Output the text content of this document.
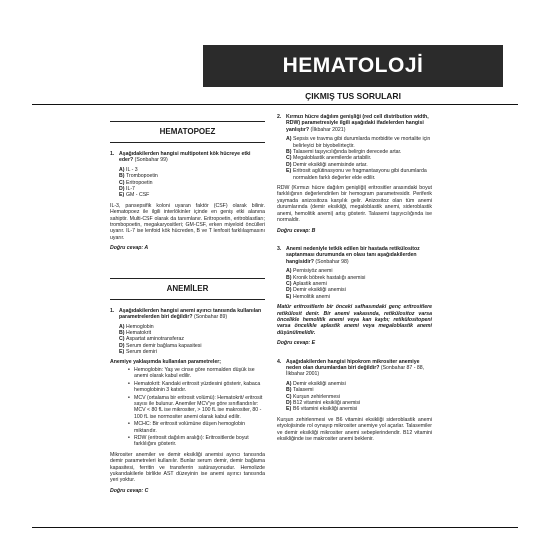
HEMATOLOJİ
ÇIKMIŞ TUS SORULARI
HEMATOPOEZ
1. Aşağıdakilerden hangisi multipotent kök hücreye etki eder? (Sonbahar 99)
A) IL - 3
B) Trombopoetin
C) Eritropoetin
D) IL-7
E) GM - CSF

IL-3, pansepsifik koloni uyaran faktör (CSF) olarak bilinir. Hematopoez ile ilgili interlökinler içinde en geniş etki alanına sahiptir. Multi-CSF olarak da tanımlanır. Eritropoetin, eritroblastları; trombopoetin, megakaryositleri; GM-CSF, erken miyeloid öncülleri uyarır. IL-7 ise lenfoid kök hücreden, B ve T lenfosit farklılaşmasını uyarır.

Doğru cevap: A
ANEMİLER
1. Aşağıdakilerden hangisi anemi ayırıcı tanısında kullanılan parametrelerden biri değildir? (Sonbahar 89)
A) Hemoglobin
B) Hematokrit
C) Aspartat aminotransferaz
D) Serum demir bağlama kapasitesi
E) Serum demiri
Anemiye yaklaşımda kullanılan parametreler;
• Hemoglobin: Yaş ve cinse göre normalden düşük ise anemi olarak kabul edilir.
• Hematokrit: Kandaki eritrosit yüzdesini gösterir, kabaca hemoglobinin 3 katıdır.
• MCV (ortalama bir eritrosit volümü): Hematokrit/ eritrosit sayısı ile bulunur. Anemiler MCV'ye göre sınıflandırılır: MCV < 80 fL ise mikrositer, > 100 fL ise makrositer, 80 - 100 fL ise normositer anemi olarak kabul edilir.
• MCHC: Bir eritrosit volümüne düşen hemoglobin miktarıdır.
• RDW (eritrosit dağılım aralığı): Eritrositlerde boyut farklılığını gösterir.

Mikrositer anemiler ve demir eksikliği anemisi ayırıcı tanısında demir parametreleri kullanılır. Bunlar serum demir, demir bağlama kapasitesi, ferritin ve transferrin satürasyonudur. Hemolizde yukarıdakilerle birlikte AST düzeyinin ise anemi ayırıcı tanısında yeri yoktur.

Doğru cevap: C
2. Kırmızı hücre dağılım genişliği (red cell distribution width, RDW) parametresiyle ilgili aşağıdaki ifadelerden hangisi yanlıştır? (İlkbahar 2021)
A) Sepsis ve travma gibi durumlarda morbidite ve mortalite için belirleyici bir biyobelirteçtir.
B) Talasemi taşıyıcılığında belirgin derecede artar.
C) Megaloblastik anemilerde artabilir.
D) Demir eksikliği anemisinde artar.
E) Eritrosit aglütinasyonu ve fragmantasyonu gibi durumlarda normalden farklı değerler elde edilir.

RDW (Kırmızı hücre dağılım genişliği) eritrositler arasındaki boyut farklılığının değerlendirilen bir hemogram parametresidir. Periferik yaymada anizositoza karşılık gelir. Anizositoz olan tüm anemi durumlarında (demir eksikliği, megaloblastik anemi, sideroblastik anemi, hemolitik anemi) artış gösterir. Talasemi taşıyıcılığında ise normaldir.

Doğru cevap: B
3. Anemi nedeniyle tetkik edilen bir hastada retikülositoz saptanması durumunda en olası tanı aşağıdakilerden hangisidir? (Sonbahar 98)
A) Pernisiyöz anemi
B) Kronik böbrek hastalığı anemisi
C) Aplastik anemi
D) Demir eksikliği anemisi
E) Hemolitik anemi

Matür eritrositlerin bir önceki safhasındaki genç eritrositlere retikülosit denir. Bir anemi vakasında, retikülositoz varsa öncelikle hemolitik anemi veya kan kaybı; retikülositopeni varsa öncelikle aplastik anemi veya megaloblastik anemi düşünülmelidir.

Doğru cevap: E
4. Aşağıdakilerden hangisi hipokrom mikrositer anemiye neden olan durumlardan biri değildir? (Sonbahar 87 - 88, İlkbahar 2001)
A) Demir eksikliği anemisi
B) Talasemi
C) Kurşun zehirlenmesi
D) B12 vitamini eksikliği anemisi
E) B6 vitamini eksikliği anemisi

Kurşun zehirlenmesi ve B6 vitamini eksikliği sideroblastik anemi etyolojisinde rol oynayıp mikrositer anemiye yol açarlar. Talasemiler ve demir eksikliği mikrositer anemi sebeplerindendir. B12 vitamini eksikliğinde ise makrositer anemi beklenir.
